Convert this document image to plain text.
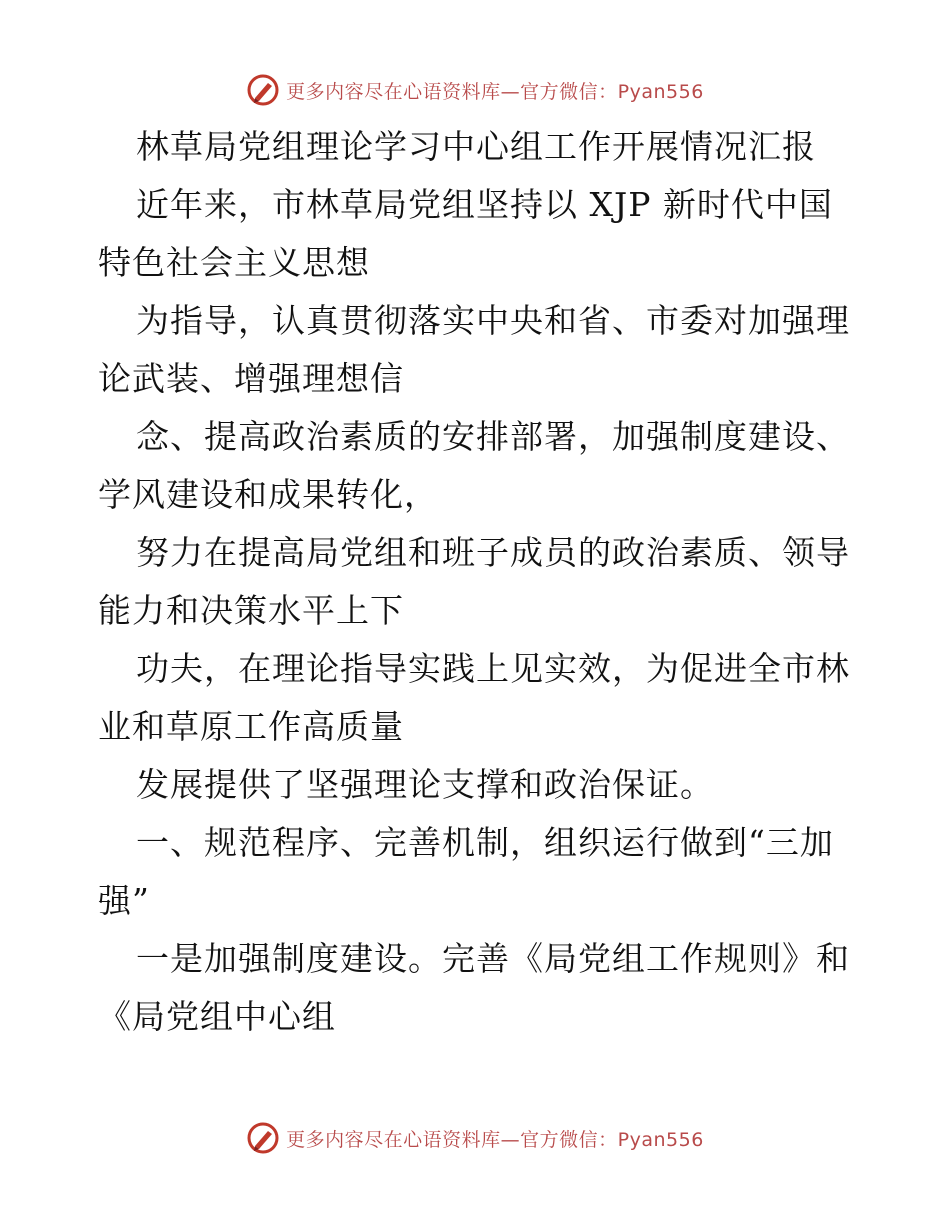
更多内容尽在心语资料库—官方微信：Pyan556
林草局党组理论学习中心组工作开展情况汇报
近年来，市林草局党组坚持以 XJP 新时代中国
特色社会主义思想
为指导，认真贯彻落实中央和省、市委对加强理
论武装、增强理想信
念、提高政治素质的安排部署，加强制度建设、
学风建设和成果转化，
努力在提高局党组和班子成员的政治素质、领导
能力和决策水平上下
功夫，在理论指导实践上见实效，为促进全市林
业和草原工作高质量
发展提供了坚强理论支撑和政治保证。
一、规范程序、完善机制，组织运行做到“三加
强”
一是加强制度建设。完善《局党组工作规则》和
《局党组中心组
更多内容尽在心语资料库—官方微信：Pyan556
